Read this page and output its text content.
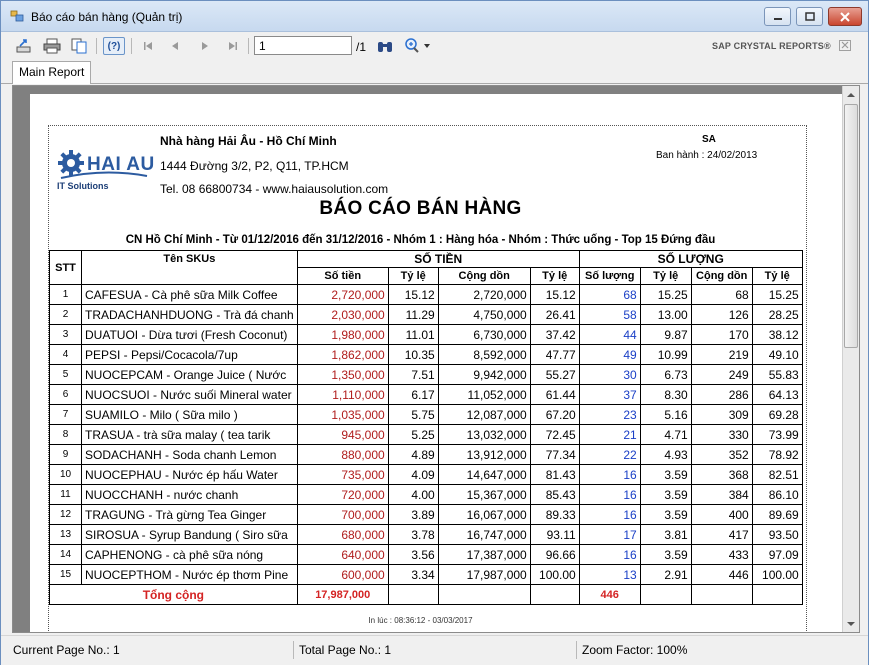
Báo cáo bán hàng (Quản trị)
(?)
1	/1	SAP CRYSTAL REPORTS®
Main Report
HAI AU
IT Solutions
Nhà hàng Hải Âu - Hồ Chí Minh
1444 Đường 3/2, P2, Q11, TP.HCM
Tel. 08 66800734 - www.haiausolution.com
SA
Ban hành : 24/02/2013
BÁO CÁO BÁN HÀNG
CN Hồ Chí Minh - Từ 01/12/2016 đến 31/12/2016 - Nhóm 1 : Hàng hóa - Nhóm : Thức uống - Top 15 Đứng đầu
STT	Tên SKUs	SỐ TIỀN				SỐ LƯỢNG			
		Số tiền	Tỷ lệ	Cộng dồn	Tỷ lệ	Số lượng	Tỷ lệ	Cộng dồn	Tỷ lệ
1	CAFESUA - Cà phê sữa Milk Coffee	2,720,000	15.12	2,720,000	15.12	68	15.25	68	15.25
2	TRADACHANHDUONG - Trà đá chanh	2,030,000	11.29	4,750,000	26.41	58	13.00	126	28.25
3	DUATUOI - Dừa tươi (Fresh Coconut)	1,980,000	11.01	6,730,000	37.42	44	9.87	170	38.12
4	PEPSI - Pepsi/Cocacola/7up	1,862,000	10.35	8,592,000	47.77	49	10.99	219	49.10
5	NUOCEPCAM - Orange Juice ( Nước	1,350,000	7.51	9,942,000	55.27	30	6.73	249	55.83
6	NUOCSUOI - Nước suối Mineral water	1,110,000	6.17	11,052,000	61.44	37	8.30	286	64.13
7	SUAMILO - Milo ( Sữa milo )	1,035,000	5.75	12,087,000	67.20	23	5.16	309	69.28
8	TRASUA - trà sữa malay ( tea tarik	945,000	5.25	13,032,000	72.45	21	4.71	330	73.99
9	SODACHANH - Soda chanh Lemon	880,000	4.89	13,912,000	77.34	22	4.93	352	78.92
10	NUOCEPHAU - Nước ép hấu Water	735,000	4.09	14,647,000	81.43	16	3.59	368	82.51
11	NUOCCHANH - nước chanh	720,000	4.00	15,367,000	85.43	16	3.59	384	86.10
12	TRAGUNG - Trà gừng Tea Ginger	700,000	3.89	16,067,000	89.33	16	3.59	400	89.69
13	SIROSUA - Syrup Bandung ( Siro sữa	680,000	3.78	16,747,000	93.11	17	3.81	417	93.50
14	CAPHENONG - cà phê sữa nóng	640,000	3.56	17,387,000	96.66	16	3.59	433	97.09
15	NUOCEPTHOM - Nước ép thơm Pine	600,000	3.34	17,987,000	100.00	13	2.91	446	100.00
Tổng cộng		17,987,000				446			
In lúc : 08:36:12 - 03/03/2017
Current Page No.: 1	Total Page No.: 1	Zoom Factor: 100%
